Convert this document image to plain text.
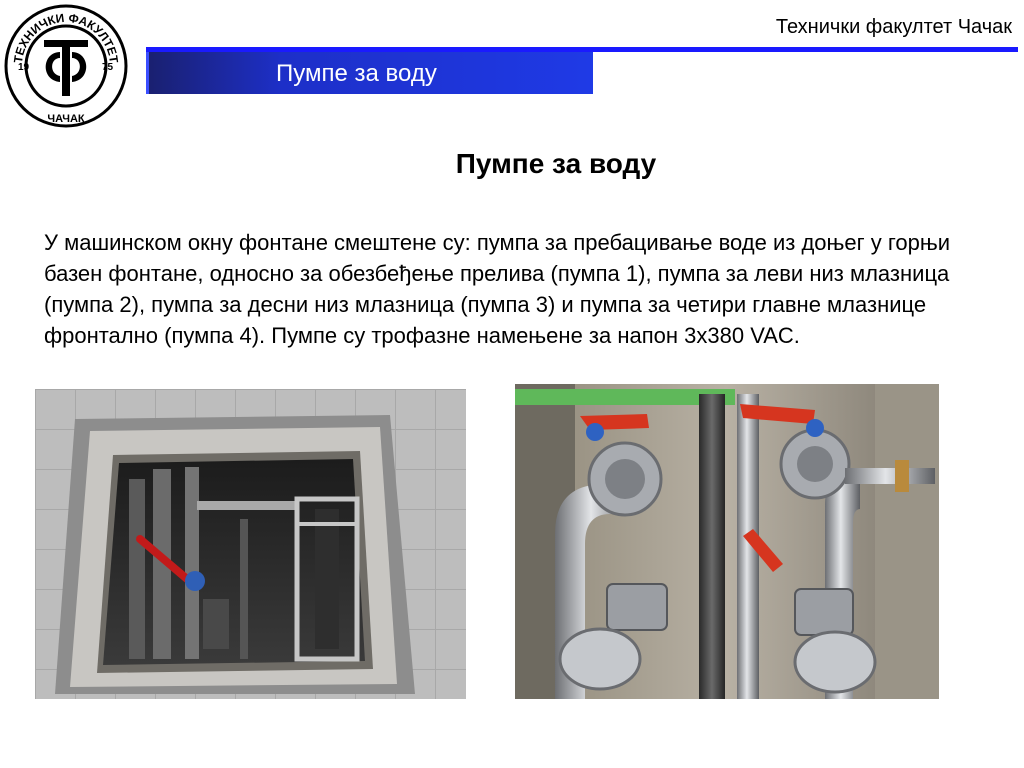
ТЕХНИЧКИ ФАКУЛТЕТ
ЧАЧАК
19	75
Технички факултет Чачак
Пумпе за воду
Пумпе за воду
У машинском окну фонтане смештене су: пумпа за пребацивање воде из доњег у горњи базен фонтане, односно за обезбеђење прелива (пумпа 1), пумпа за леви низ млазница (пумпа 2), пумпа за десни низ млазница (пумпа 3) и пумпа за четири главне млазнице фронтално (пумпа 4). Пумпе су трофазне намењене за напон 3x380 VAC.
